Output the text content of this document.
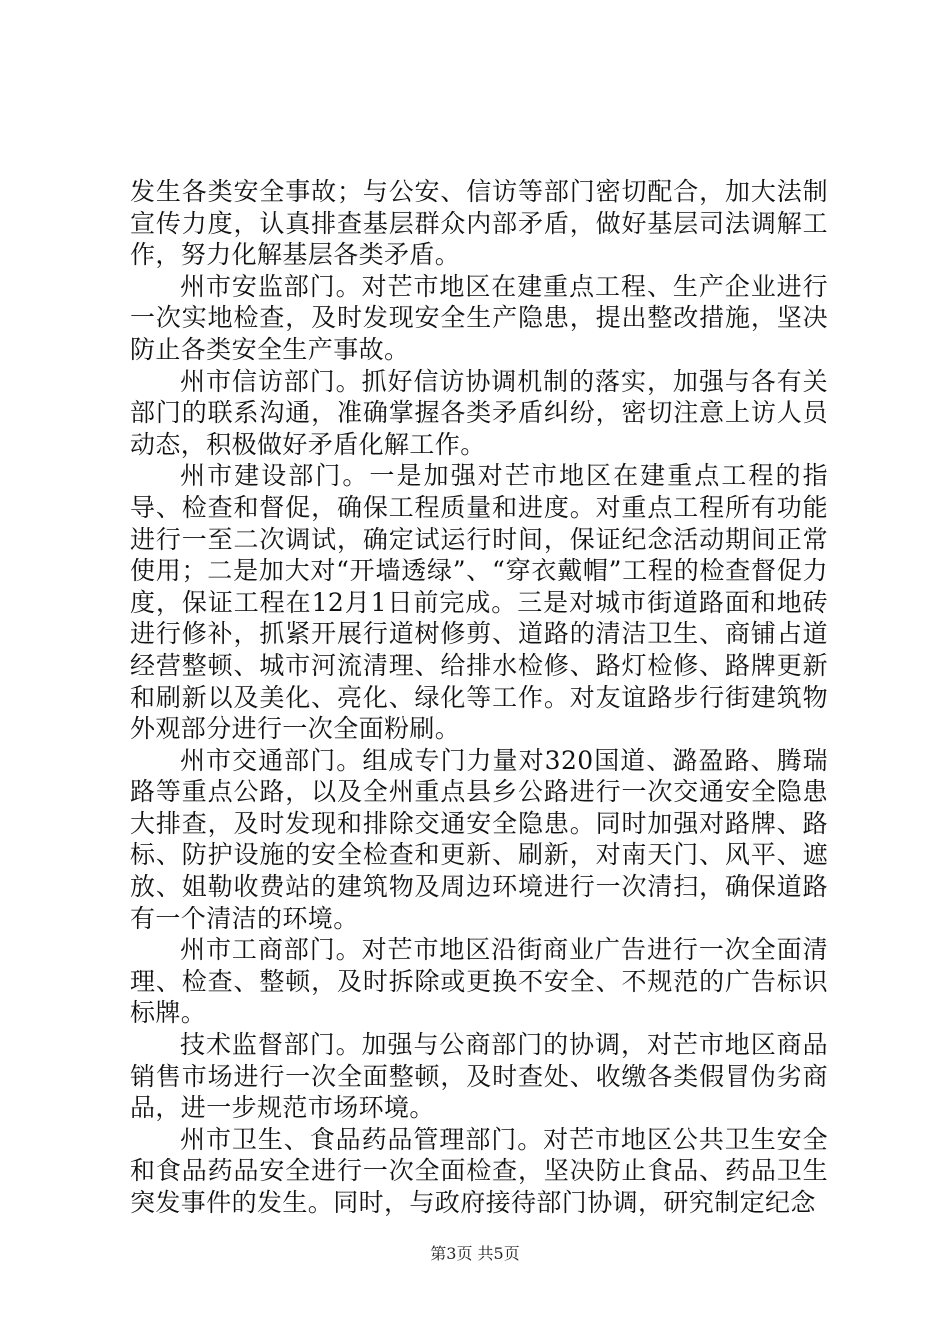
发生各类安全事故；与公安、信访等部门密切配合，加大法制宣传力度，认真排查基层群众内部矛盾，做好基层司法调解工作，努力化解基层各类矛盾。

州市安监部门。对芒市地区在建重点工程、生产企业进行一次实地检查，及时发现安全生产隐患，提出整改措施，坚决防止各类安全生产事故。

州市信访部门。抓好信访协调机制的落实，加强与各有关部门的联系沟通，准确掌握各类矛盾纠纷，密切注意上访人员动态，积极做好矛盾化解工作。

州市建设部门。一是加强对芒市地区在建重点工程的指导、检查和督促，确保工程质量和进度。对重点工程所有功能进行一至二次调试，确定试运行时间，保证纪念活动期间正常使用；二是加大对“开墙透绿”、“穿衣戴帽”工程的检查督促力度，保证工程在12月1日前完成。三是对城市街道路面和地砖进行修补，抓紧开展行道树修剪、道路的清洁卫生、商铺占道经营整顿、城市河流清理、给排水检修、路灯检修、路牌更新和刷新以及美化、亮化、绿化等工作。对友谊路步行街建筑物外观部分进行一次全面粉刷。

州市交通部门。组成专门力量对320国道、潞盈路、腾瑞路等重点公路，以及全州重点县乡公路进行一次交通安全隐患大排查，及时发现和排除交通安全隐患。同时加强对路牌、路标、防护设施的安全检查和更新、刷新，对南天门、风平、遮放、姐勒收费站的建筑物及周边环境进行一次清扫，确保道路有一个清洁的环境。

州市工商部门。对芒市地区沿街商业广告进行一次全面清理、检查、整顿，及时拆除或更换不安全、不规范的广告标识标牌。

技术监督部门。加强与公商部门的协调，对芒市地区商品销售市场进行一次全面整顿，及时查处、收缴各类假冒伪劣商品，进一步规范市场环境。

州市卫生、食品药品管理部门。对芒市地区公共卫生安全和食品药品安全进行一次全面检查，坚决防止食品、药品卫生突发事件的发生。同时，与政府接待部门协调，研究制定纪念

第3页 共5页
